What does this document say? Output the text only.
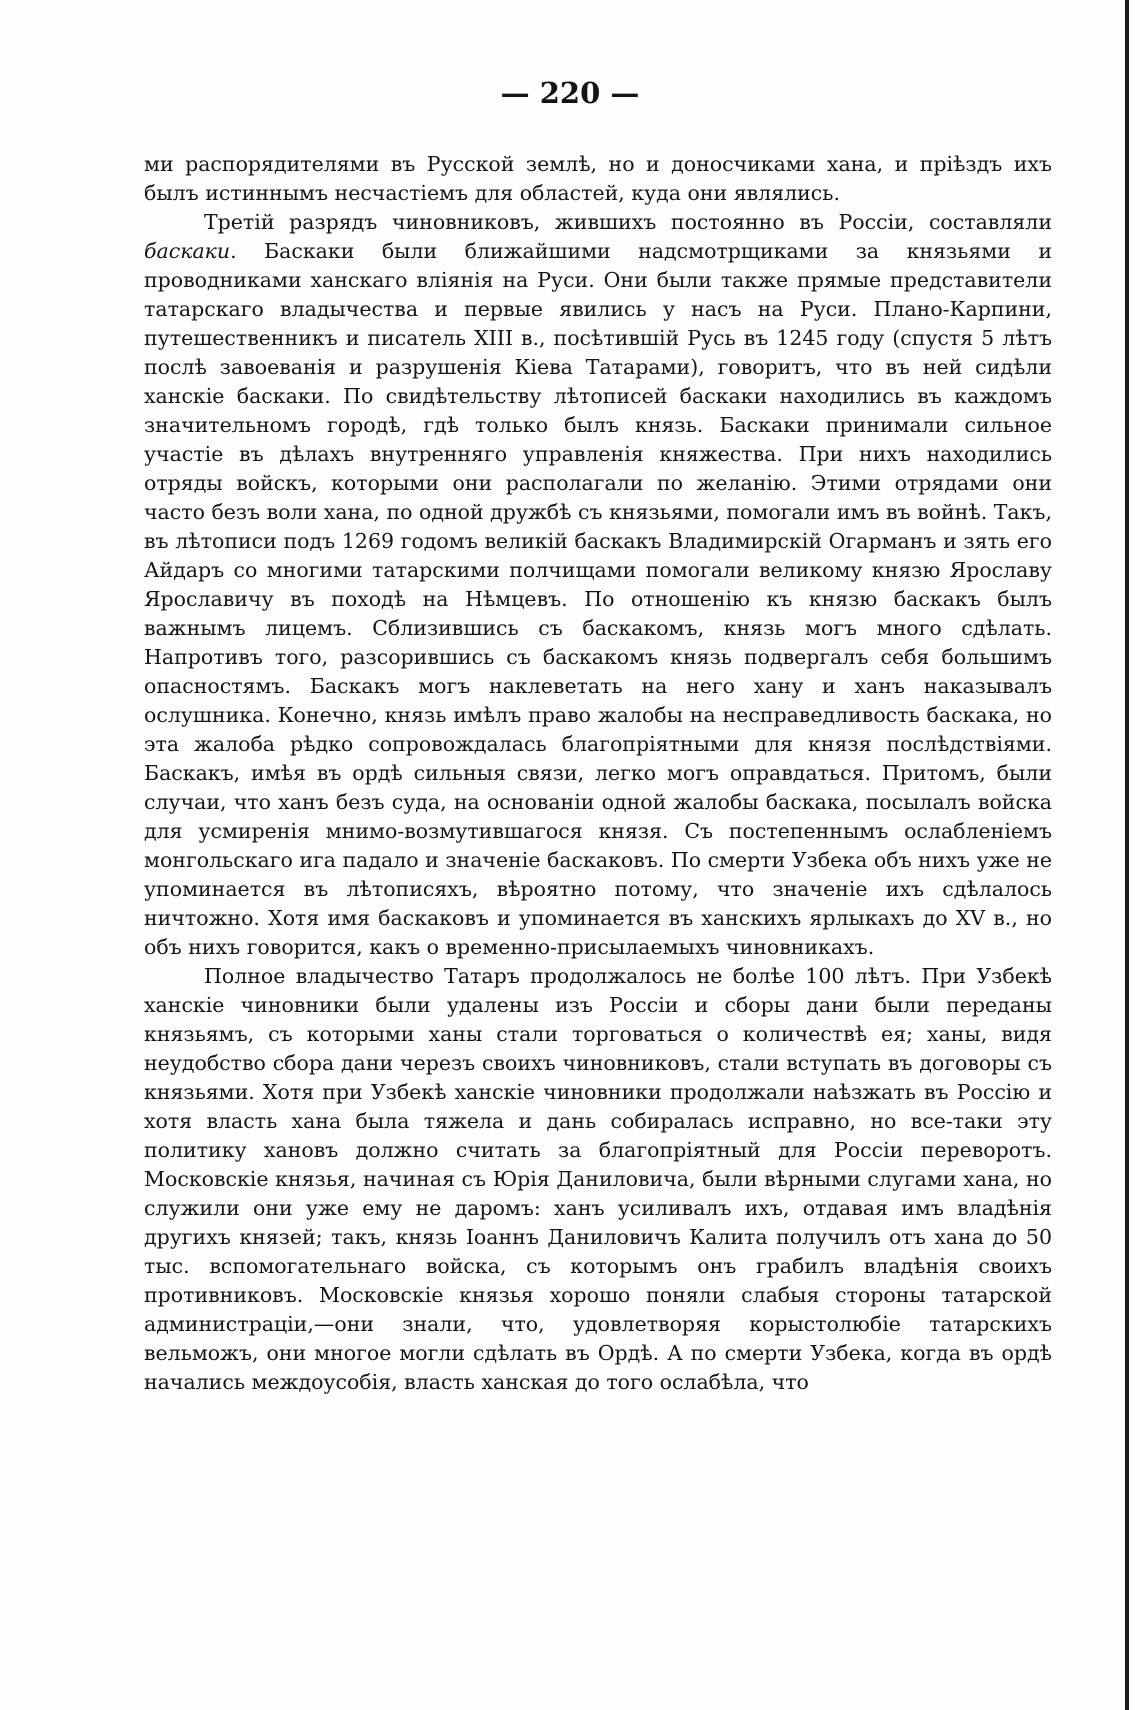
— 220 —

ми распорядителями въ Русской землѣ, но и доносчиками хана, и пріѣздъ ихъ былъ истиннымъ несчастіемъ для областей, куда они являлись.

Третій разрядъ чиновниковъ, жившихъ постоянно въ Россіи, составляли баскаки. Баскаки были ближайшими надсмотрщиками за князьями и проводниками ханскаго вліянія на Руси. Они были также прямые представители татарскаго владычества и первые явились у насъ на Руси. Плано-Карпини, путешественникъ и писатель XIII в., посѣтившій Русь въ 1245 году (спустя 5 лѣтъ послѣ завоеванія и разрушенія Кіева Татарами), говоритъ, что въ ней сидѣли ханскіе баскаки. По свидѣтельству лѣтописей баскаки находились въ каждомъ значительномъ городѣ, гдѣ только былъ князь. Баскаки принимали сильное участіе въ дѣлахъ внутренняго управленія княжества. При нихъ находились отряды войскъ, которыми они располагали по желанію. Этими отрядами они часто безъ воли хана, по одной дружбѣ съ князьями, помогали имъ въ войнѣ. Такъ, въ лѣтописи подъ 1269 годомъ великій баскакъ Владимирскій Огарманъ и зять его Айдаръ со многими татарскими полчищами помогали великому князю Ярославу Ярославичу въ походѣ на Нѣмцевъ. По отношенію къ князю баскакъ былъ важнымъ лицемъ. Сблизившись съ баскакомъ, князь могъ много сдѣлать. Напротивъ того, разсорившись съ баскакомъ князь подвергалъ себя большимъ опасностямъ. Баскакъ могъ наклеветать на него хану и ханъ наказывалъ ослушника. Конечно, князь имѣлъ право жалобы на несправедливость баскака, но эта жалоба рѣдко сопровождалась благопріятными для князя послѣдствіями. Баскакъ, имѣя въ ордѣ сильныя связи, легко могъ оправдаться. Притомъ, были случаи, что ханъ безъ суда, на основаніи одной жалобы баскака, посылалъ войска для усмиренія мнимо-возмутившагося князя. Съ постепеннымъ ослабленіемъ монгольскаго ига падало и значеніе баскаковъ. По смерти Узбека объ нихъ уже не упоминается въ лѣтописяхъ, вѣроятно потому, что значеніе ихъ сдѣлалось ничтожно. Хотя имя баскаковъ и упоминается въ ханскихъ ярлыкахъ до XV в., но объ нихъ говорится, какъ о временно-присылаемыхъ чиновникахъ.

Полное владычество Татаръ продолжалось не болѣе 100 лѣтъ. При Узбекѣ ханскіе чиновники были удалены изъ Россіи и сборы дани были переданы князьямъ, съ которыми ханы стали торговаться о количествѣ ея; ханы, видя неудобство сбора дани черезъ своихъ чиновниковъ, стали вступать въ договоры съ князьями. Хотя при Узбекѣ ханскіе чиновники продолжали наѣзжать въ Россію и хотя власть хана была тяжела и дань собиралась исправно, но все-таки эту политику хановъ должно считать за благопріятный для Россіи переворотъ. Московскіе князья, начиная съ Юрія Даниловича, были вѣрными слугами хана, но служили они уже ему не даромъ: ханъ усиливалъ ихъ, отдавая имъ владѣнія другихъ князей; такъ, князь Іоаннъ Даниловичъ Калита получилъ отъ хана до 50 тыс. вспомогательнаго войска, съ которымъ онъ грабилъ владѣнія своихъ противниковъ. Московскіе князья хорошо поняли слабыя стороны татарской администраціи,—они знали, что, удовлетворяя корыстолюбіе татарскихъ вельможъ, они многое могли сдѣлать въ Ордѣ. А по смерти Узбека, когда въ ордѣ начались междоусобія, власть ханская до того ослабѣла, что
